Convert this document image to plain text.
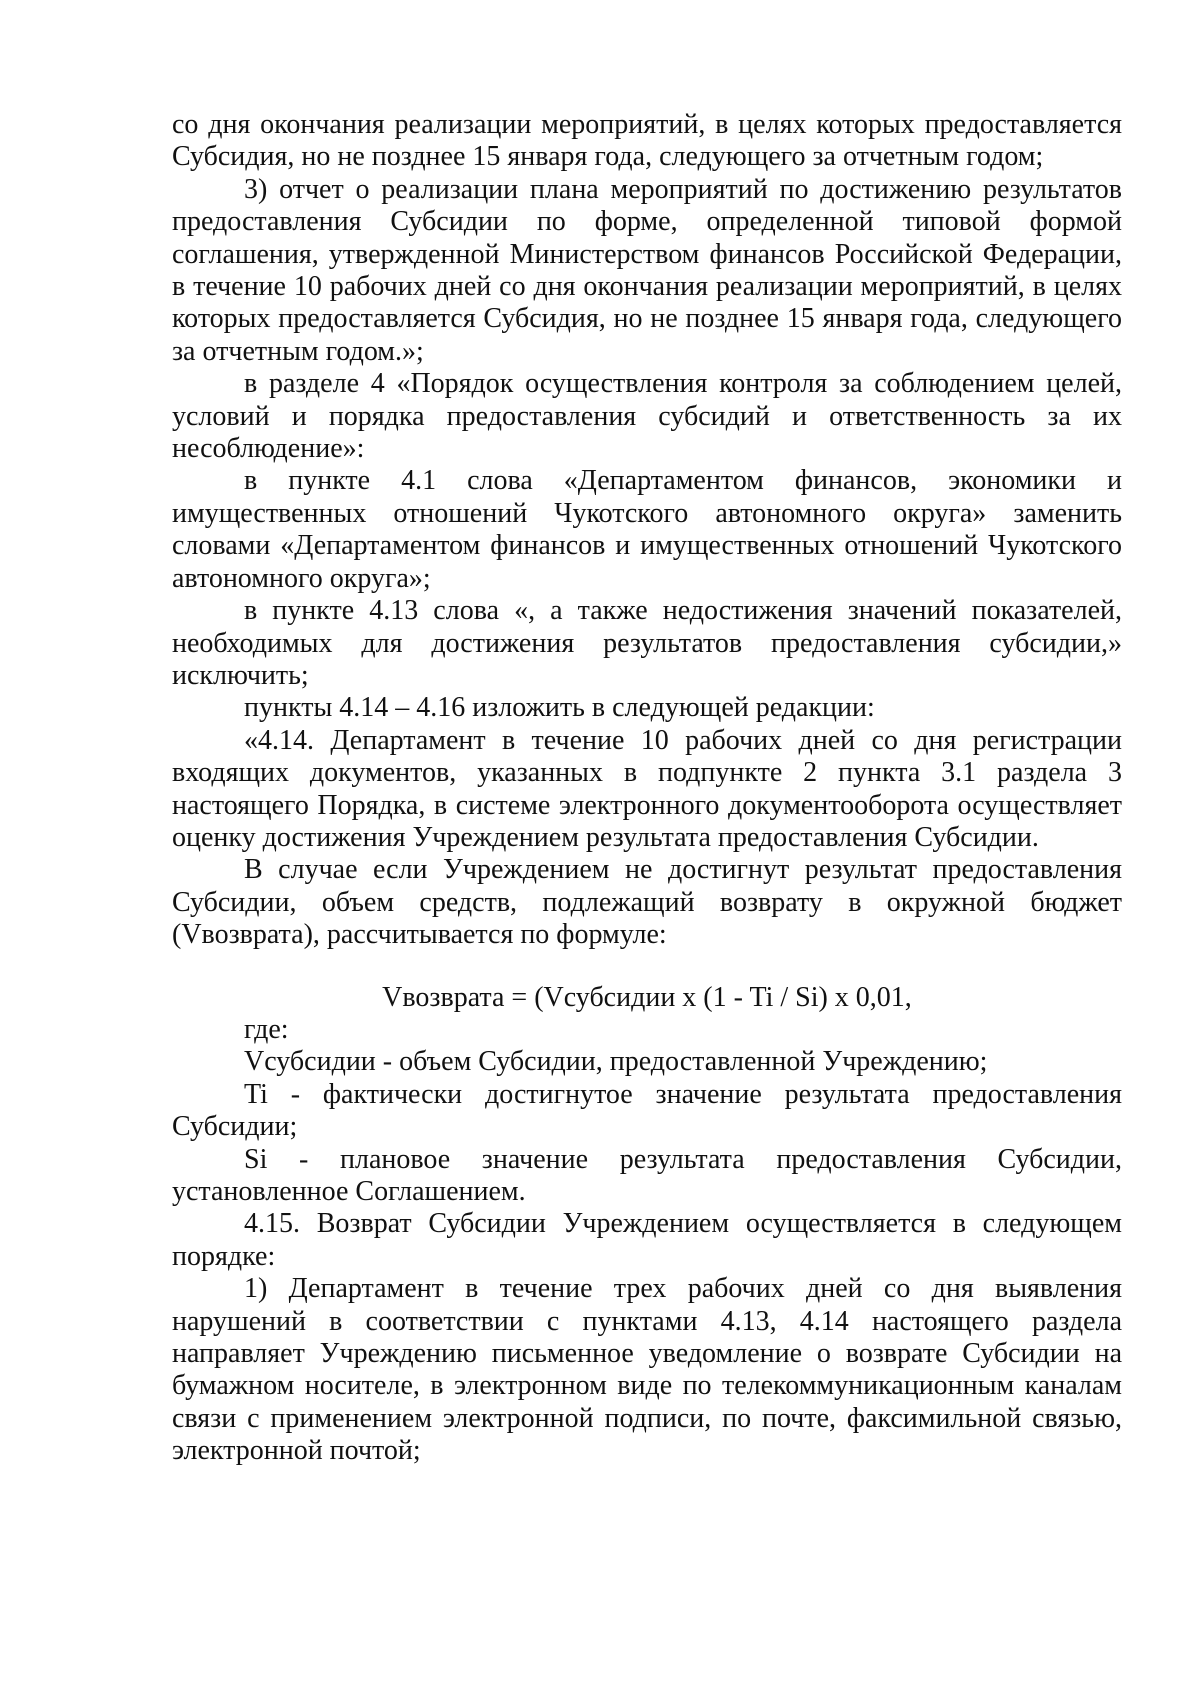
со дня окончания реализации мероприятий, в целях которых предоставляется Субсидия, но не позднее 15 января года, следующего за отчетным годом;

3) отчет о реализации плана мероприятий по достижению результатов предоставления Субсидии по форме, определенной типовой формой соглашения, утвержденной Министерством финансов Российской Федерации, в течение 10 рабочих дней со дня окончания реализации мероприятий, в целях которых предоставляется Субсидия, но не позднее 15 января года, следующего за отчетным годом.»;

в разделе 4 «Порядок осуществления контроля за соблюдением целей, условий и порядка предоставления субсидий и ответственность за их несоблюдение»:

в пункте 4.1 слова «Департаментом финансов, экономики и имущественных отношений Чукотского автономного округа» заменить словами «Департаментом финансов и имущественных отношений Чукотского автономного округа»;

в пункте 4.13 слова «, а также недостижения значений показателей, необходимых для достижения результатов предоставления субсидии,» исключить;

пункты 4.14 – 4.16 изложить в следующей редакции:

«4.14. Департамент в течение 10 рабочих дней со дня регистрации входящих документов, указанных в подпункте 2 пункта 3.1 раздела 3 настоящего Порядка, в системе электронного документооборота осуществляет оценку достижения Учреждением результата предоставления Субсидии.

В случае если Учреждением не достигнут результат предоставления Субсидии, объем средств, подлежащий возврату в окружной бюджет (Vвозврата), рассчитывается по формуле:

Vвозврата = (Vсубсидии x (1 - Ti / Si) x 0,01,

где:

Vсубсидии - объем Субсидии, предоставленной Учреждению;

Ti - фактически достигнутое значение результата предоставления Субсидии;

Si - плановое значение результата предоставления Субсидии, установленное Соглашением.

4.15. Возврат Субсидии Учреждением осуществляется в следующем порядке:

1) Департамент в течение трех рабочих дней со дня выявления нарушений в соответствии с пунктами 4.13, 4.14 настоящего раздела направляет Учреждению письменное уведомление о возврате Субсидии на бумажном носителе, в электронном виде по телекоммуникационным каналам связи с применением электронной подписи, по почте, факсимильной связью, электронной почтой;
